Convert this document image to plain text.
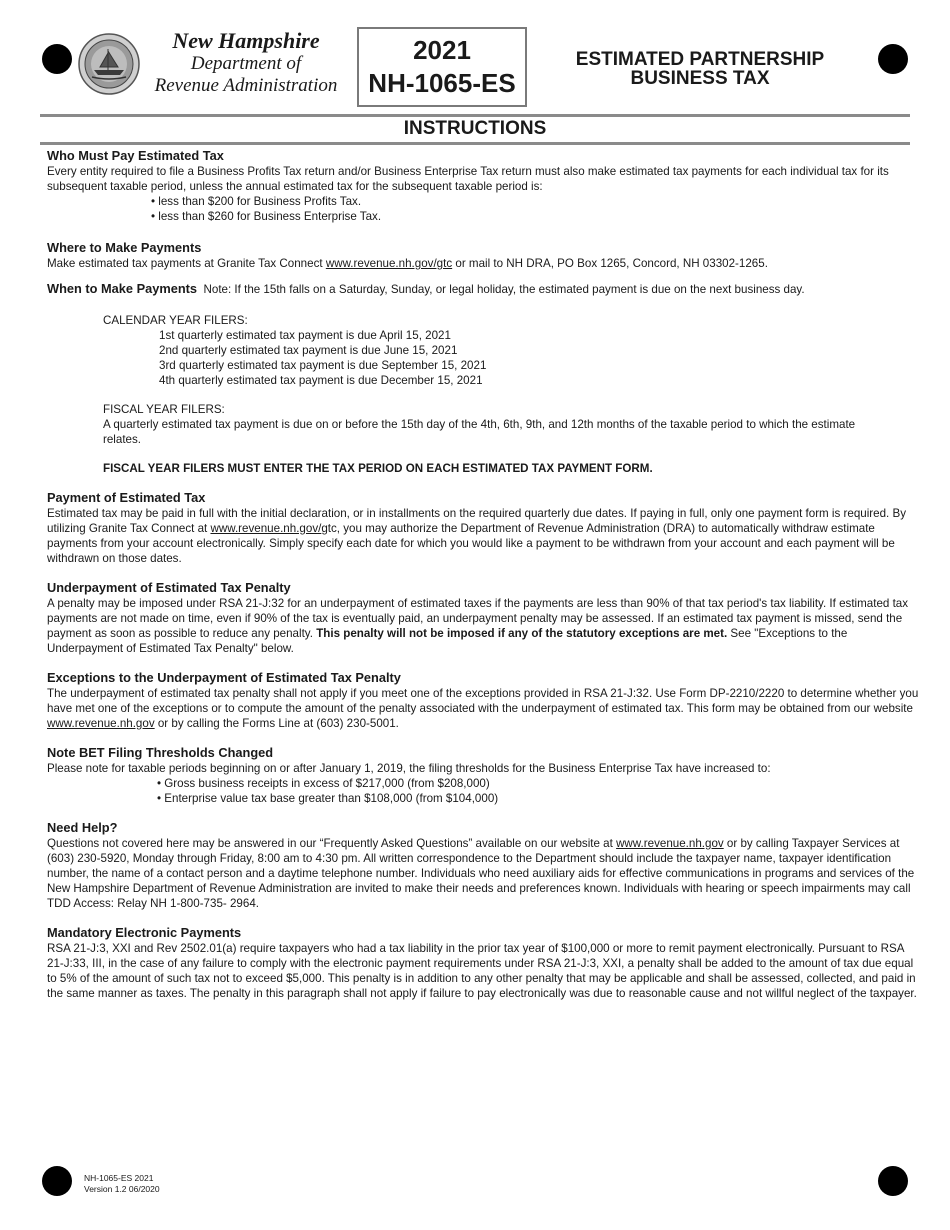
New Hampshire
Department of
Revenue Administration
2021
NH-1065-ES
ESTIMATED PARTNERSHIP
BUSINESS TAX
INSTRUCTIONS
Who Must Pay Estimated Tax

Every entity required to file a Business Profits Tax return and/or Business Enterprise Tax return must also make estimated tax payments for each individual tax for its subsequent taxable period, unless the annual estimated tax for the subsequent taxable period is:

• less than $200 for Business Profits Tax.

• less than $260 for Business Enterprise Tax.

Where to Make Payments

Make estimated tax payments at Granite Tax Connect www.revenue.nh.gov/gtc or mail to NH DRA, PO Box 1265, Concord, NH 03302-1265.

When to Make Payments Note: If the 15th falls on a Saturday, Sunday, or legal holiday, the estimated payment is due on the next business day.

CALENDAR YEAR FILERS:

1st quarterly estimated tax payment is due April 15, 2021

2nd quarterly estimated tax payment is due June 15, 2021

3rd quarterly estimated tax payment is due September 15, 2021

4th quarterly estimated tax payment is due December 15, 2021

FISCAL YEAR FILERS:

A quarterly estimated tax payment is due on or before the 15th day of the 4th, 6th, 9th, and 12th months of the taxable period to which the estimate relates.

FISCAL YEAR FILERS MUST ENTER THE TAX PERIOD ON EACH ESTIMATED TAX PAYMENT FORM.

Payment of Estimated Tax

Estimated tax may be paid in full with the initial declaration, or in installments on the required quarterly due dates. If paying in full, only one payment form is required. By utilizing Granite Tax Connect at www.revenue.nh.gov/gtc, you may authorize the Department of Revenue Administration (DRA) to automatically withdraw estimate payments from your account electronically. Simply specify each date for which you would like a payment to be withdrawn from your account and each payment will be withdrawn on those dates.

Underpayment of Estimated Tax Penalty

A penalty may be imposed under RSA 21-J:32 for an underpayment of estimated taxes if the payments are less than 90% of that tax period's tax liability. If estimated tax payments are not made on time, even if 90% of the tax is eventually paid, an underpayment penalty may be assessed. If an estimated tax payment is missed, send the payment as soon as possible to reduce any penalty. This penalty will not be imposed if any of the statutory exceptions are met. See "Exceptions to the Underpayment of Estimated Tax Penalty" below.

Exceptions to the Underpayment of Estimated Tax Penalty

The underpayment of estimated tax penalty shall not apply if you meet one of the exceptions provided in RSA 21-J:32. Use Form DP-2210/2220 to determine whether you have met one of the exceptions or to compute the amount of the penalty associated with the underpayment of estimated tax. This form may be obtained from our website www.revenue.nh.gov or by calling the Forms Line at (603) 230-5001.

Note BET Filing Thresholds Changed

Please note for taxable periods beginning on or after January 1, 2019, the filing thresholds for the Business Enterprise Tax have increased to:

• Gross business receipts in excess of $217,000 (from $208,000)

• Enterprise value tax base greater than $108,000 (from $104,000)

Need Help?

Questions not covered here may be answered in our “Frequently Asked Questions” available on our website at www.revenue.nh.gov or by calling Taxpayer Services at (603) 230-5920, Monday through Friday, 8:00 am to 4:30 pm. All written correspondence to the Department should include the taxpayer name, taxpayer identification number, the name of a contact person and a daytime telephone number. Individuals who need auxiliary aids for effective communications in programs and services of the New Hampshire Department of Revenue Administration are invited to make their needs and preferences known. Individuals with hearing or speech impairments may call TDD Access: Relay NH 1-800-735- 2964.

Mandatory Electronic Payments

RSA 21-J:3, XXI and Rev 2502.01(a) require taxpayers who had a tax liability in the prior tax year of $100,000 or more to remit payment electronically. Pursuant to RSA 21-J:33, III, in the case of any failure to comply with the electronic payment requirements under RSA 21-J:3, XXI, a penalty shall be added to the amount of tax due equal to 5% of the amount of such tax not to exceed $5,000. This penalty is in addition to any other penalty that may be applicable and shall be assessed, collected, and paid in the same manner as taxes. The penalty in this paragraph shall not apply if failure to pay electronically was due to reasonable cause and not willful neglect of the taxpayer.

NH-1065-ES 2021
Version 1.2 06/2020
